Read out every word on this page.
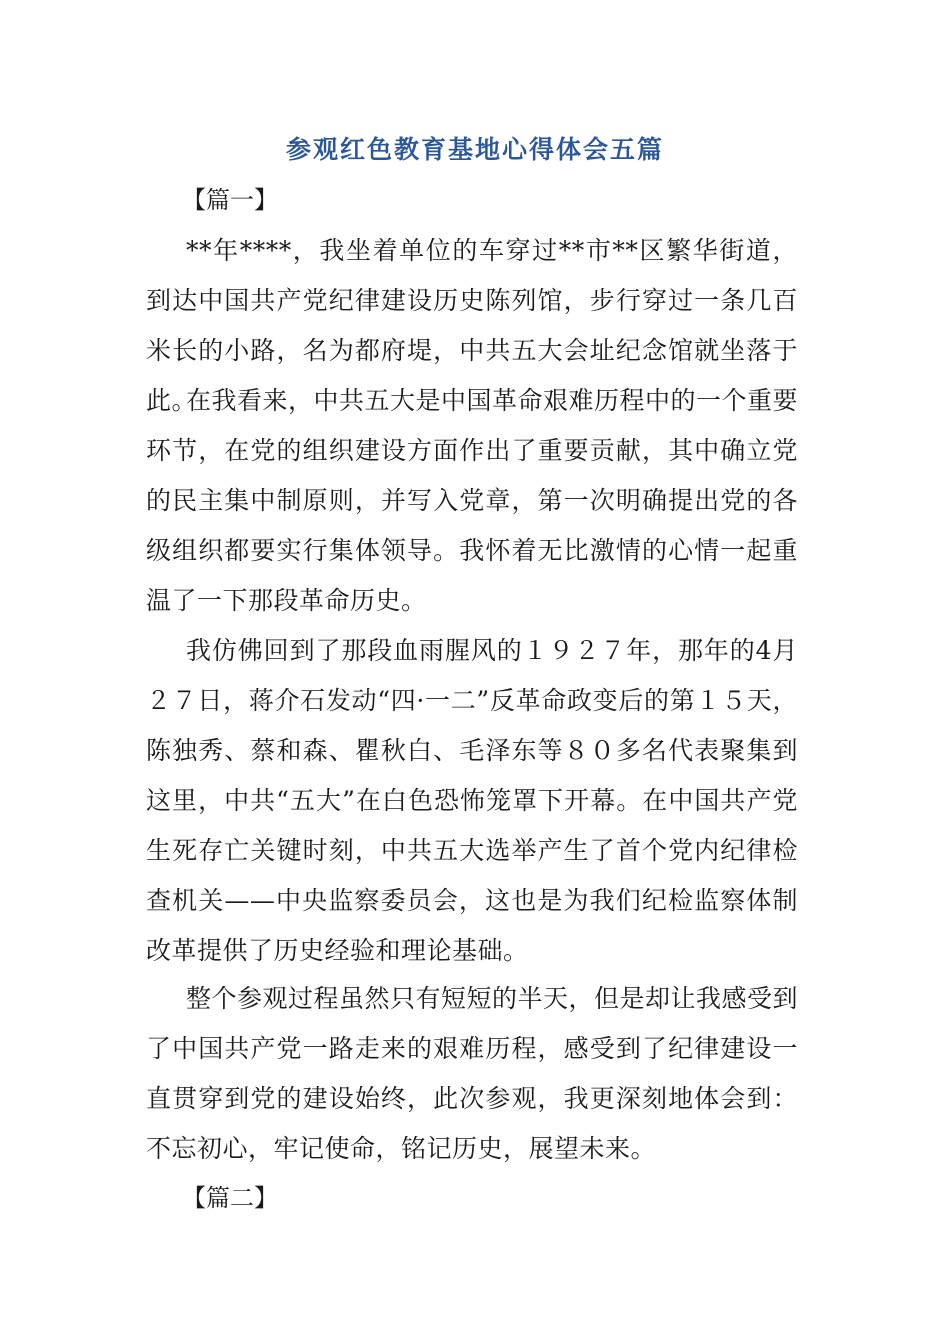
参观红色教育基地心得体会五篇
【篇一】

**年****，我坐着单位的车穿过**市**区繁华街道，到达中国共产党纪律建设历史陈列馆，步行穿过一条几百米长的小路，名为都府堤，中共五大会址纪念馆就坐落于此。

在我看来，中共五大是中国革命艰难历程中的一个重要环节，在党的组织建设方面作出了重要贡献，其中确立党的民主集中制原则，并写入党章，第一次明确提出党的各级组织都要实行集体领导。我怀着无比激情的心情一起重温了一下那段革命历史。

我仿佛回到了那段血雨腥风的１９２７年，那年的4月２７日，蒋介石发动“四·一二”反革命政变后的第１５天，陈独秀、蔡和森、瞿秋白、毛泽东等８０多名代表聚集到这里，中共“五大”在白色恐怖笼罩下开幕。在中国共产党生死存亡关键时刻，中共五大选举产生了首个党内纪律检查机关——中央监察委员会，这也是为我们纪检监察体制改革提供了历史经验和理论基础。

整个参观过程虽然只有短短的半天，但是却让我感受到了中国共产党一路走来的艰难历程，感受到了纪律建设一直贯穿到党的建设始终，此次参观，我更深刻地体会到：不忘初心，牢记使命，铭记历史，展望未来。

【篇二】
